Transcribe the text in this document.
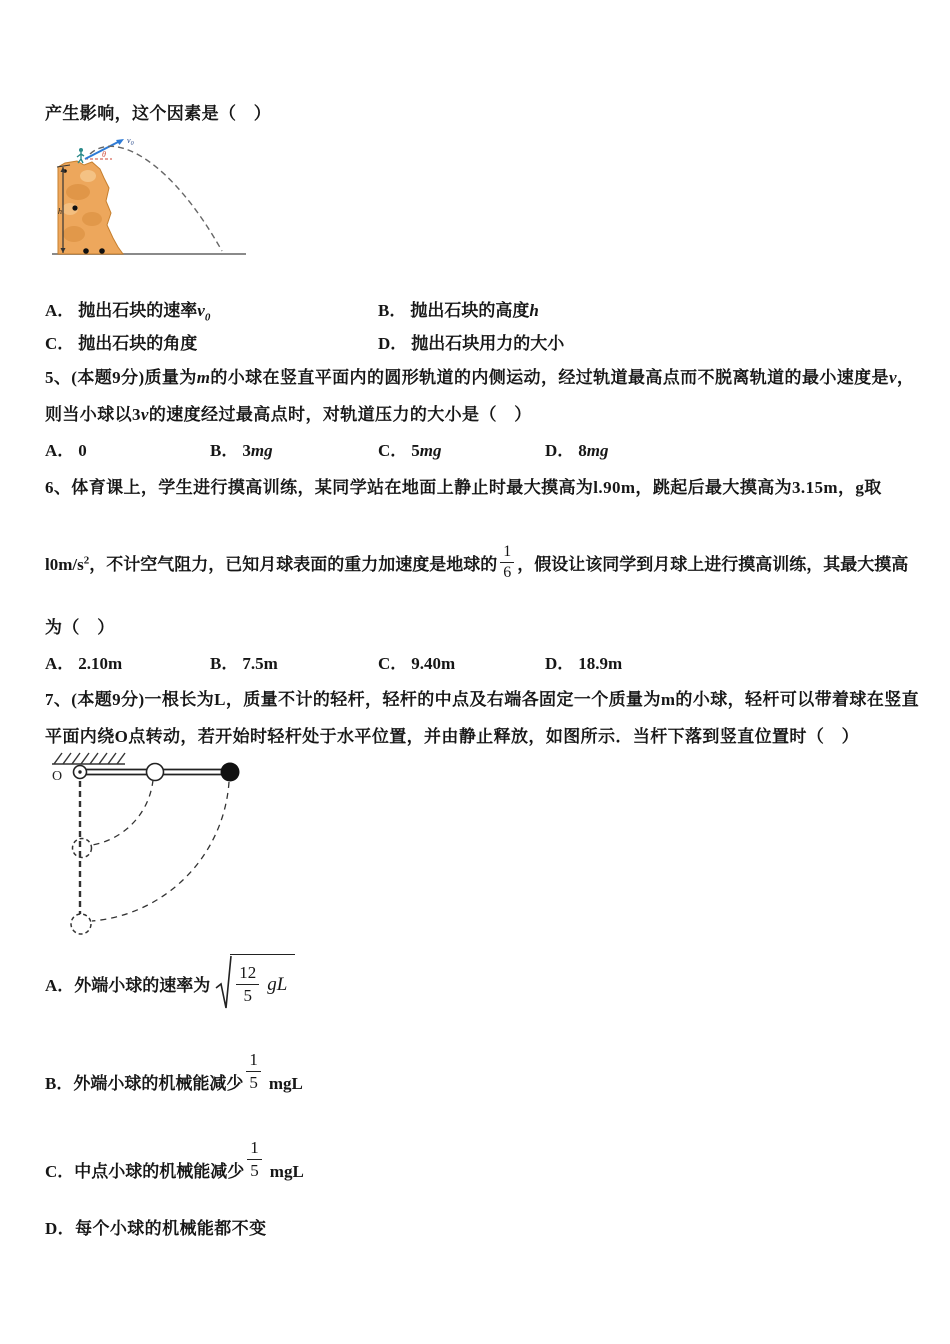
产生影响，这个因素是（　）
h
θ
$v_0$
A． 抛出石块的速率$v_0$	B． 抛出石块的高度h
C． 抛出石块的角度	D． 抛出石块用力的大小
5、(本题9分)质量为m的小球在竖直平面内的圆形轨道的内侧运动，经过轨道最高点而不脱离轨道的最小速度是v，
则当小球以3v的速度经过最高点时，对轨道压力的大小是（　）
A． 0	B． 3mg	C． 5mg	D． 8mg
6、体育课上，学生进行摸高训练，某同学站在地面上静止时最大摸高为l.90m，跳起后最大摸高为3.15m，g取
$l0m/s^2$，不计空气阻力，已知月球表面的重力加速度是地球的 $\frac{1}{6}$ ，假设让该同学到月球上进行摸高训练，其最大摸高
为（　）
A． 2.10m	B． 7.5m	C． 9.40m	D． 18.9m
7、(本题9分)一根长为L，质量不计的轻杆，轻杆的中点及右端各固定一个质量为m的小球，轻杆可以带着球在竖直
平面内绕O点转动，若开始时轻杆处于水平位置，并由静止释放，如图所示．当杆下落到竖直位置时（　）
O
A． 外端小球的速率为 $\frac{12}{5}$ gL
B． 外端小球的机械能减少 $\frac{1}{5}$ mgL
C． 中点小球的机械能减少 $\frac{1}{5}$ mgL
D．每个小球的机械能都不变
